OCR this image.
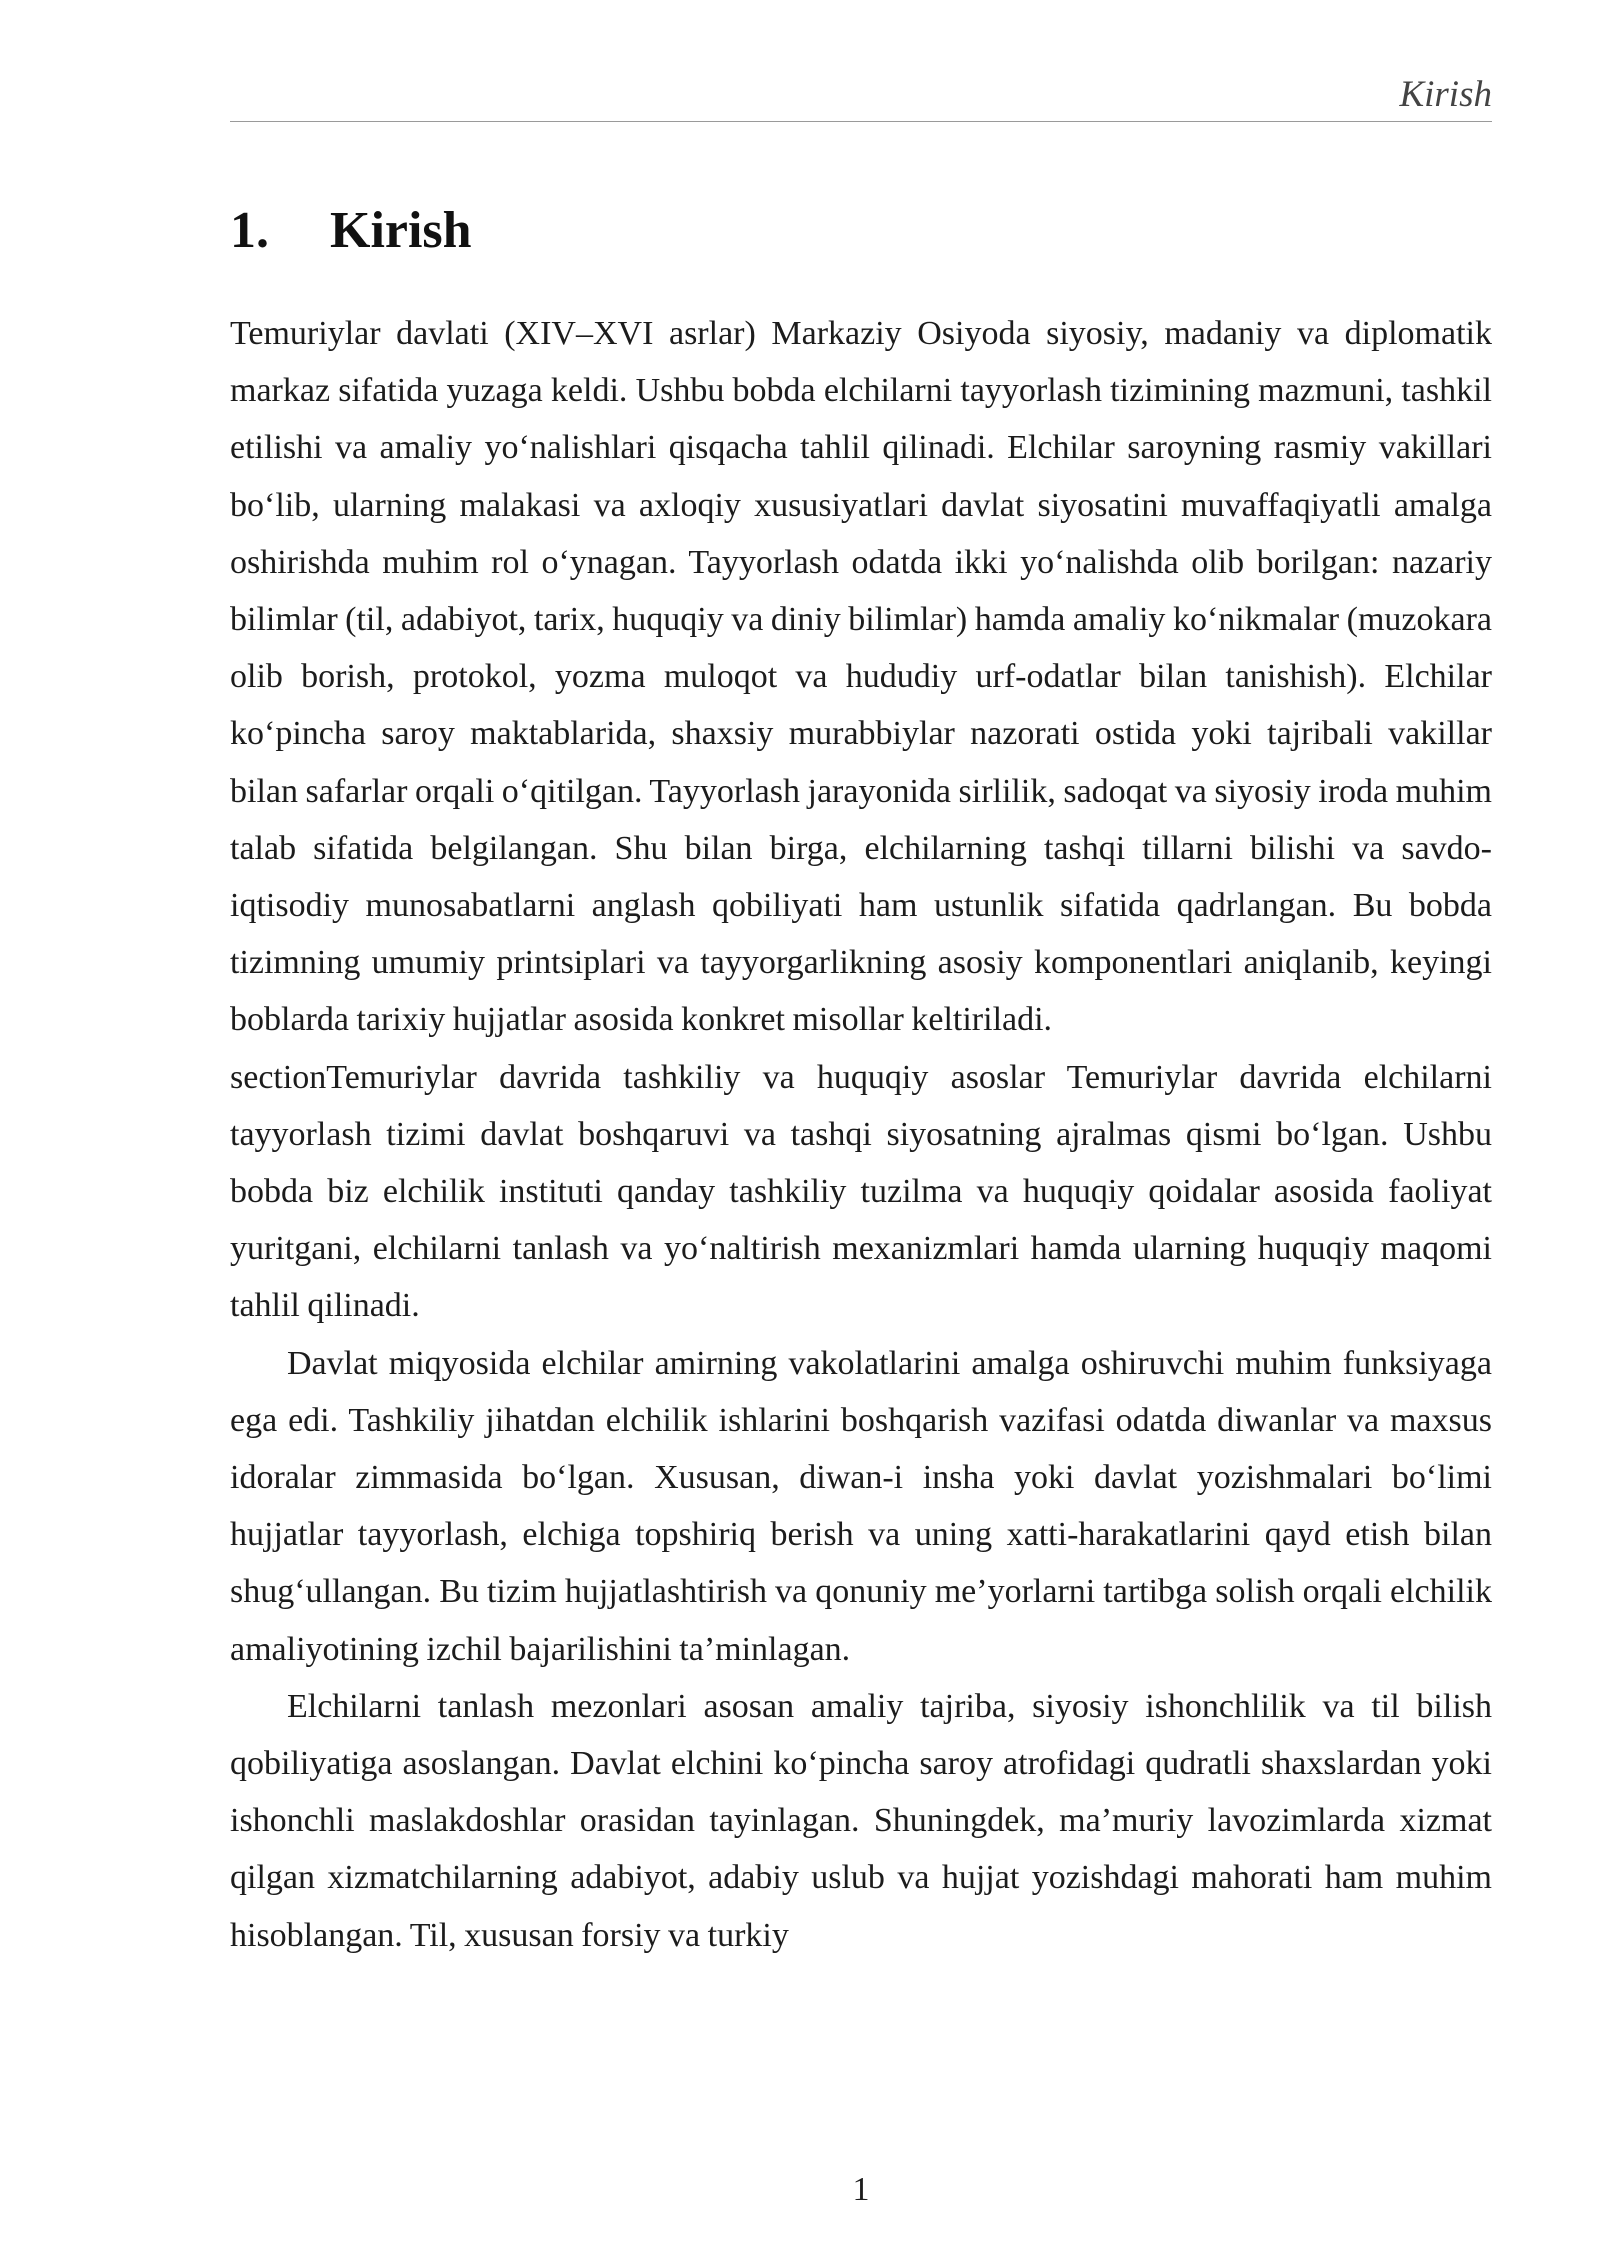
Kirish
1. Kirish

Temuriylar davlati (XIV–XVI asrlar) Markaziy Osiyoda siyosiy, madaniy va diplomatik markaz sifatida yuzaga keldi. Ushbu bobda elchilarni tayyorlash tizimining mazmuni, tashkil etilishi va amaliy yo‘nalishlari qisqacha tahlil qilinadi. Elchilar saroyning rasmiy vakillari bo‘lib, ularning malakasi va axloqiy xususiyatlari davlat siyosatini muvaffaqiyatli amalga oshirishda muhim rol o‘ynagan. Tayyorlash odatda ikki yo‘nalishda olib borilgan: nazariy bilimlar (til, adabiyot, tarix, huquqiy va diniy bilimlar) hamda amaliy ko‘nikmalar (muzokara olib borish, protokol, yozma muloqot va hududiy urf-odatlar bilan tanishish). Elchilar ko‘pincha saroy maktablarida, shaxsiy murabbiylar nazorati ostida yoki tajribali vakillar bilan safarlar orqali o‘qitilgan. Tayyorlash jarayonida sirlilik, sadoqat va siyosiy iroda muhim talab sifatida belgilangan. Shu bilan birga, elchilarning tashqi tillarni bilishi va savdo-iqtisodiy munosabatlarni anglash qobiliyati ham ustunlik sifatida qadrlangan. Bu bobda tizimning umumiy printsiplari va tayyorgarlikning asosiy komponentlari aniqlanib, keyingi boblarda tarixiy hujjatlar asosida konkret misollar keltiriladi.

sectionTemuriylar davrida tashkiliy va huquqiy asoslar Temuriylar davrida elchilarni tayyorlash tizimi davlat boshqaruvi va tashqi siyosatning ajralmas qismi bo‘lgan. Ushbu bobda biz elchilik instituti qanday tashkiliy tuzilma va huquqiy qoidalar asosida faoliyat yuritgani, elchilarni tanlash va yo‘naltirish mexanizmlari hamda ularning huquqiy maqomi tahlil qilinadi.

Davlat miqyosida elchilar amirning vakolatlarini amalga oshiruvchi muhim funksiyaga ega edi. Tashkiliy jihatdan elchilik ishlarini boshqarish vazifasi odatda diwanlar va maxsus idoralar zimmasida bo‘lgan. Xususan, diwan-i insha yoki davlat yozishmalari bo‘limi hujjatlar tayyorlash, elchiga topshiriq berish va uning xatti-harakatlarini qayd etish bilan shug‘ullangan. Bu tizim hujjatlashtirish va qonuniy me’yorlarni tartibga solish orqali elchilik amaliyotining izchil bajarilishini ta’minlagan.

Elchilarni tanlash mezonlari asosan amaliy tajriba, siyosiy ishonchlilik va til bilish qobiliyatiga asoslangan. Davlat elchini ko‘pincha saroy atrofidagi qudratli shaxslardan yoki ishonchli maslakdoshlar orasidan tayinlagan. Shuningdek, ma’muriy lavozimlarda xizmat qilgan xizmatchilarning adabiyot, adabiy uslub va hujjat yozishdagi mahorati ham muhim hisoblangan. Til, xususan forsiy va turkiy

1
